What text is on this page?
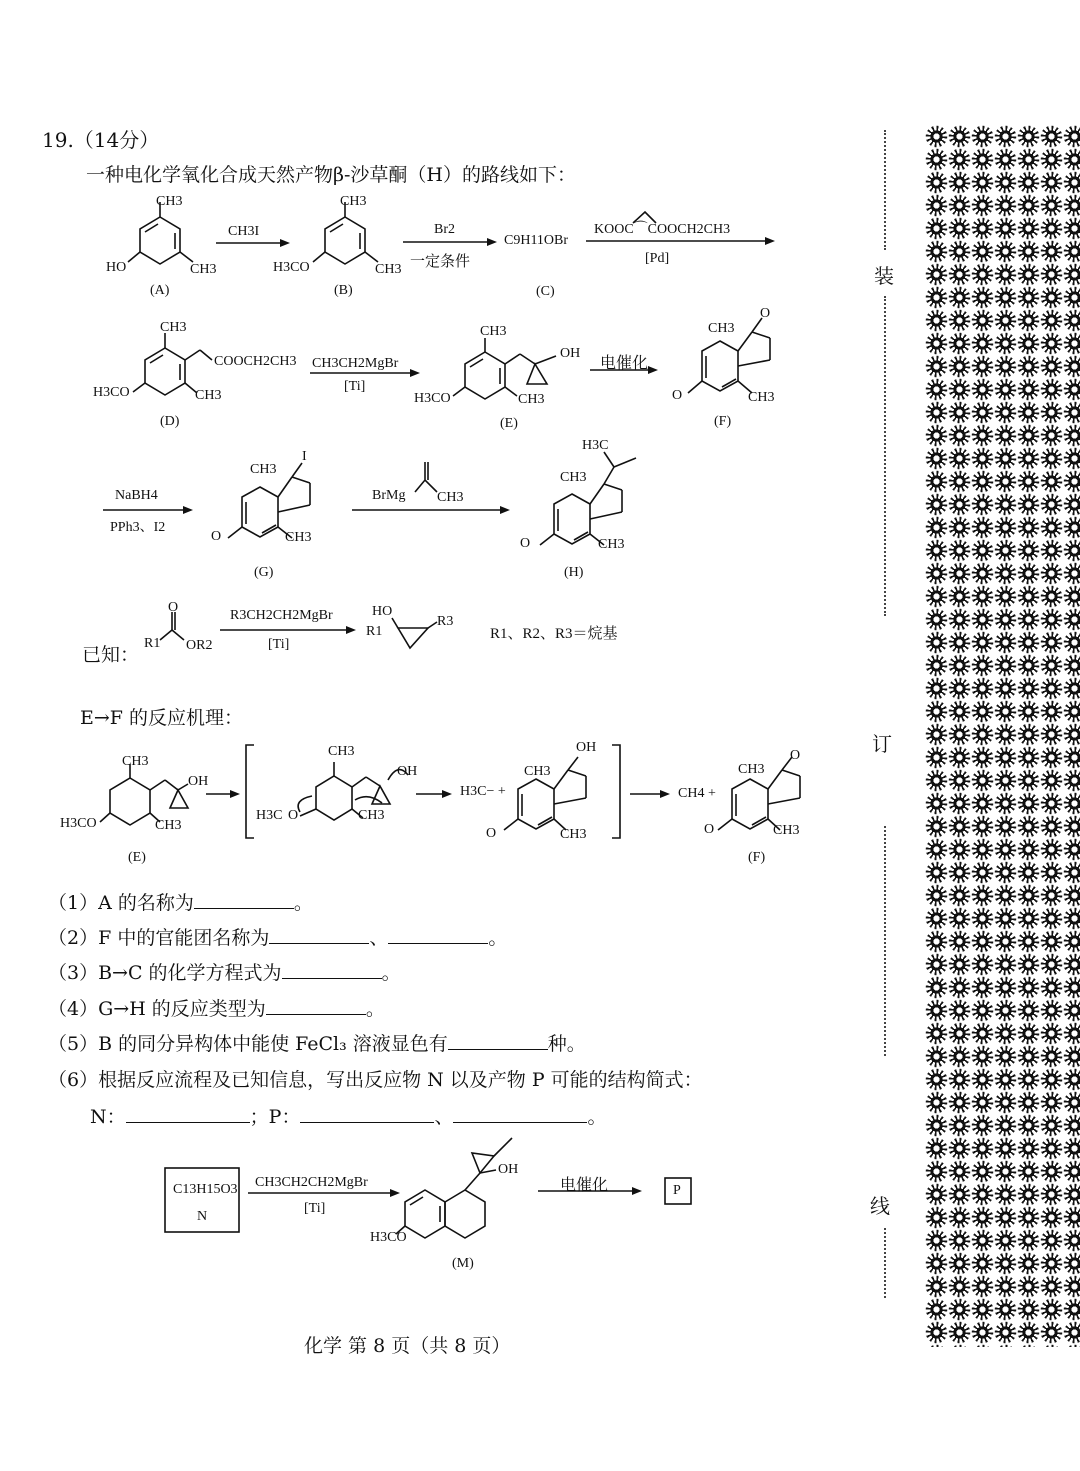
19.（14分）
一种电化学氧化合成天然产物β-沙草酮（H）的路线如下：
CH3
HO	CH3
(A)
CH3I
CH3
H3CO	CH3
(B)
Br2
一定条件
C9H11OBr
(C)
KOOC⌒COOCH2CH3
[Pd]
CH3
COOCH2CH3
H3CO	CH3
(D)
CH3CH2MgBr
[Ti]
CH3
OH
H3CO	CH3
(E)
电催化
CH3
O
O	CH3
(F)
NaBH4
PPh3、I2
CH3
I
O	CH3
(G)
BrMg CH3
H3C
CH3
O	CH3
(H)
已知：
O
R1 OR2
R3CH2CH2MgBr
[Ti]
HO
R1
R3
R1、R2、R3＝烷基
E→F 的反应机理：
CH3
OH
H3CO	CH3
(E)
CH3
OH
H3C O	CH3
H3C− +
CH3
OH
O	CH3
CH4 +
CH3
O
O	CH3
(F)
（1）A 的名称为	。
（2）F 中的官能团名称为	、	。
（3）B→C 的化学方程式为	。
（4）G→H 的反应类型为	。
（5）B 的同分异构体中能使 FeCl₃ 溶液显色有	种。
（6）根据反应流程及已知信息，写出反应物 N 以及产物 P 可能的结构简式：
N：	；P：	、	。
C13H15O3
N
CH3CH2CH2MgBr
[Ti]
OH
H3CO
(M)
电催化	P
化学 第 8 页（共 8 页）
装
订
线
